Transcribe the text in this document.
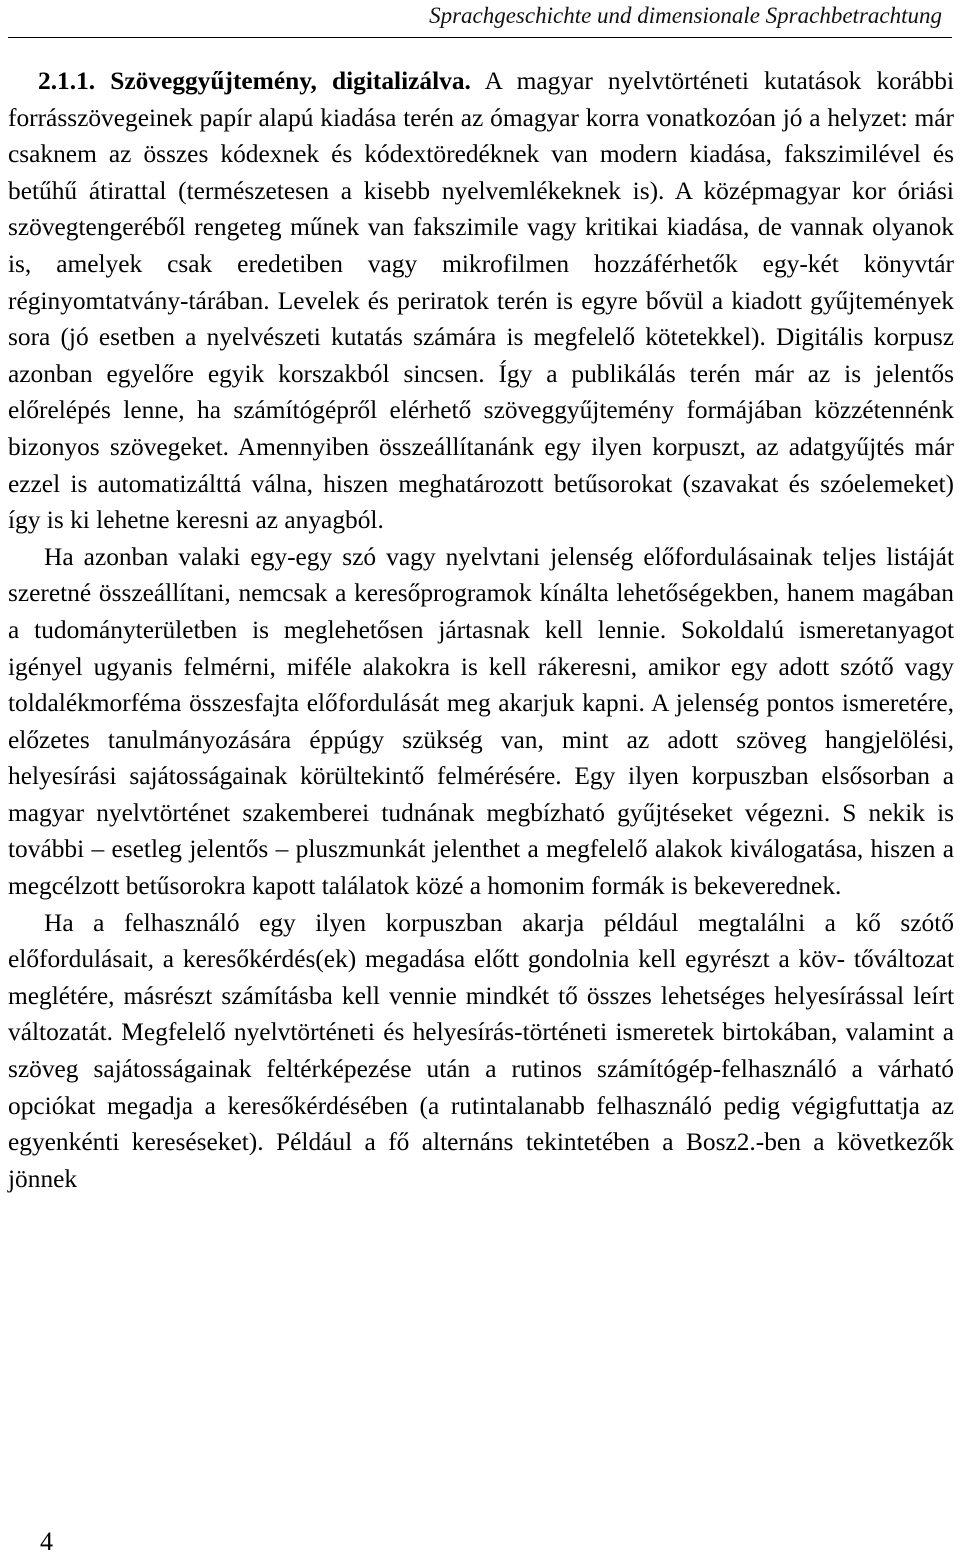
Sprachgeschichte und dimensionale Sprachbetrachtung

2.1.1. Szöveggyűjtemény, digitalizálva. A magyar nyelvtörténeti kutatások korábbi forrásszövegeinek papír alapú kiadása terén az ómagyar korra vonatkozóan jó a helyzet: már csaknem az összes kódexnek és kódextöredéknek van modern kiadása, fakszimilével és betűhű átirattal (természetesen a kisebb nyelvemlékeknek is). A középmagyar kor óriási szövegtengeréből rengeteg műnek van fakszimile vagy kritikai kiadása, de vannak olyanok is, amelyek csak eredetiben vagy mikrofilmen hozzáférhetők egy-két könyvtár réginyomtatvány-tárában. Levelek és periratok terén is egyre bővül a kiadott gyűjtemények sora (jó esetben a nyelvészeti kutatás számára is megfelelő kötetekkel). Digitális korpusz azonban egyelőre egyik korszakból sincsen. Így a publikálás terén már az is jelentős előrelépés lenne, ha számítógépről elérhető szöveggyűjtemény formájában közzétennénk bizonyos szövegeket. Amennyiben összeállítanánk egy ilyen korpuszt, az adatgyűjtés már ezzel is automatizálttá válna, hiszen meghatározott betűsorokat (szavakat és szóelemeket) így is ki lehetne keresni az anyagból.

Ha azonban valaki egy-egy szó vagy nyelvtani jelenség előfordulásainak teljes listáját szeretné összeállítani, nemcsak a keresőprogramok kínálta lehetőségekben, hanem magában a tudományterületben is meglehetősen jártasnak kell lennie. Sokoldalú ismeretanyagot igényel ugyanis felmérni, miféle alakokra is kell rákeresni, amikor egy adott szótő vagy toldalékmorféma összesfajta előfordulását meg akarjuk kapni. A jelenség pontos ismeretére, előzetes tanulmányozására éppúgy szükség van, mint az adott szöveg hangjelölési, helyesírási sajátosságainak körültekintő felmérésére. Egy ilyen korpuszban elsősorban a magyar nyelvtörténet szakemberei tudnának megbízható gyűjtéseket végezni. S nekik is további – esetleg jelentős – pluszmunkát jelenthet a megfelelő alakok kiválogatása, hiszen a megcélzott betűsorokra kapott találatok közé a homonim formák is bekeverednek.

Ha a felhasználó egy ilyen korpuszban akarja például megtalálni a kő szótő előfordulásait, a keresőkérdés(ek) megadása előtt gondolnia kell egyrészt a köv- tőváltozat meglétére, másrészt számításba kell vennie mindkét tő összes lehetséges helyesírással leírt változatát. Megfelelő nyelvtörténeti és helyesírás-történeti ismeretek birtokában, valamint a szöveg sajátosságainak feltérképezése után a rutinos számítógép-felhasználó a várható opciókat megadja a keresőkérdésében (a rutintalanabb felhasználó pedig végigfuttatja az egyenkénti kereséseket). Például a fő alternáns tekintetében a Bosz2.-ben a következők jönnek

4
